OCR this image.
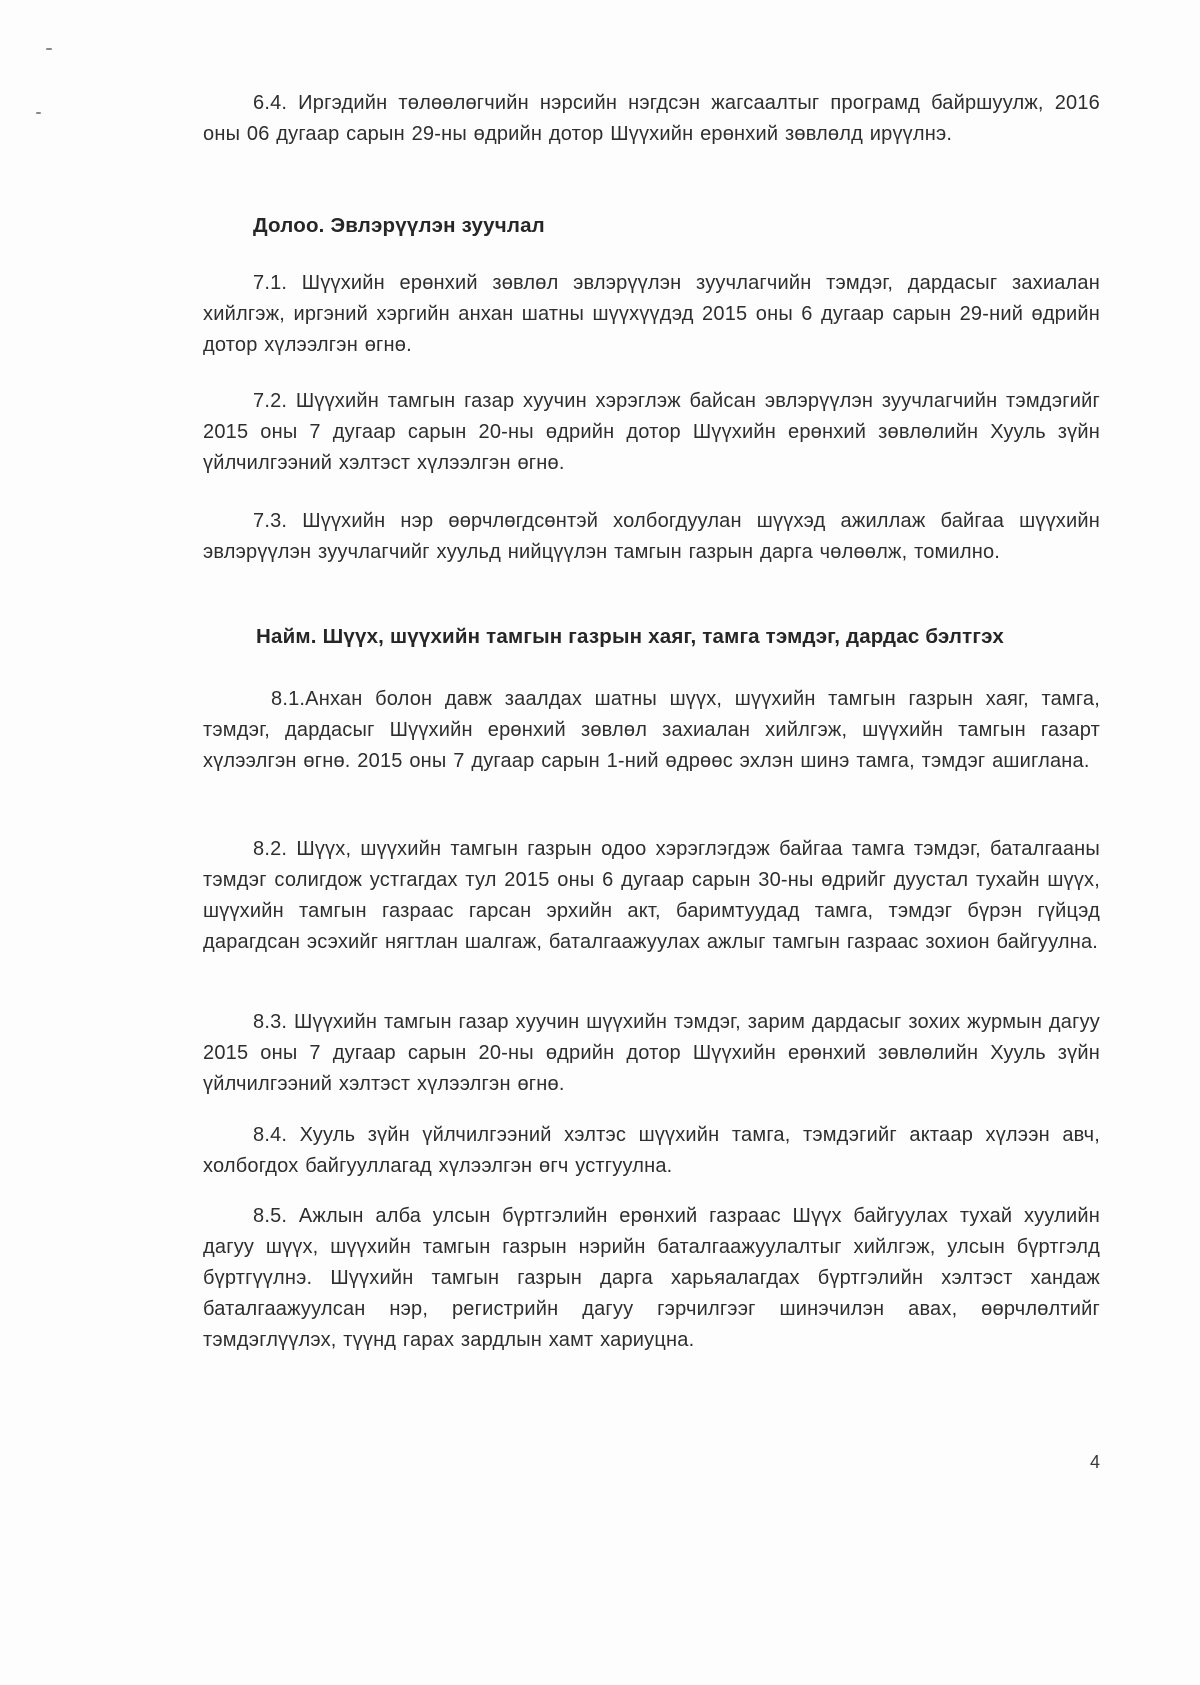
6.4. Иргэдийн төлөөлөгчийн нэрсийн нэгдсэн жагсаалтыг програмд байршуулж, 2016 оны 06 дугаар сарын 29-ны өдрийн дотор Шүүхийн ерөнхий зөвлөлд ирүүлнэ.
Долоо. Эвлэрүүлэн зуучлал
7.1. Шүүхийн ерөнхий зөвлөл эвлэрүүлэн зуучлагчийн тэмдэг, дардасыг захиалан хийлгэж, иргэний хэргийн анхан шатны шүүхүүдэд 2015 оны 6 дугаар сарын 29-ний өдрийн дотор хүлээлгэн өгнө.
7.2. Шүүхийн тамгын газар хуучин хэрэглэж байсан эвлэрүүлэн зуучлагчийн тэмдэгийг 2015 оны 7 дугаар сарын 20-ны өдрийн дотор Шүүхийн ерөнхий зөвлөлийн Хууль зүйн үйлчилгээний хэлтэст хүлээлгэн өгнө.
7.3. Шүүхийн нэр өөрчлөгдсөнтэй холбогдуулан шүүхэд ажиллаж байгаа шүүхийн эвлэрүүлэн зуучлагчийг хуульд нийцүүлэн тамгын газрын дарга чөлөөлж, томилно.
Найм. Шүүх, шүүхийн тамгын газрын хаяг, тамга тэмдэг, дардас бэлтгэх
8.1.Анхан болон давж заалдах шатны шүүх, шүүхийн тамгын газрын хаяг, тамга, тэмдэг, дардасыг Шүүхийн ерөнхий зөвлөл захиалан хийлгэж, шүүхийн тамгын газарт хүлээлгэн өгнө. 2015 оны 7 дугаар сарын 1-ний өдрөөс эхлэн шинэ тамга, тэмдэг ашиглана.
8.2. Шүүх, шүүхийн тамгын газрын одоо хэрэглэгдэж байгаа тамга тэмдэг, баталгааны тэмдэг солигдож устгагдах тул 2015 оны 6 дугаар сарын 30-ны өдрийг дуустал тухайн шүүх, шүүхийн тамгын газраас гарсан эрхийн акт, баримтуудад тамга, тэмдэг бүрэн гүйцэд дарагдсан эсэхийг нягтлан шалгаж, баталгаажуулах ажлыг тамгын газраас зохион байгуулна.
8.3. Шүүхийн тамгын газар хуучин шүүхийн тэмдэг, зарим дардасыг зохих журмын дагуу 2015 оны 7 дугаар сарын 20-ны өдрийн дотор Шүүхийн ерөнхий зөвлөлийн Хууль зүйн үйлчилгээний хэлтэст хүлээлгэн өгнө.
8.4. Хууль зүйн үйлчилгээний хэлтэс шүүхийн тамга, тэмдэгийг актаар хүлээн авч, холбогдох байгууллагад хүлээлгэн өгч устгуулна.
8.5. Ажлын алба улсын бүртгэлийн ерөнхий газраас Шүүх байгуулах тухай хуулийн дагуу шүүх, шүүхийн тамгын газрын нэрийн баталгаажуулалтыг хийлгэж, улсын бүртгэлд бүртгүүлнэ. Шүүхийн тамгын газрын дарга харьяалагдах бүртгэлийн хэлтэст хандаж баталгаажуулсан нэр, регистрийн дагуу гэрчилгээг шинэчилэн авах, өөрчлөлтийг тэмдэглүүлэх, түүнд гарах зардлын хамт хариуцна.
4
